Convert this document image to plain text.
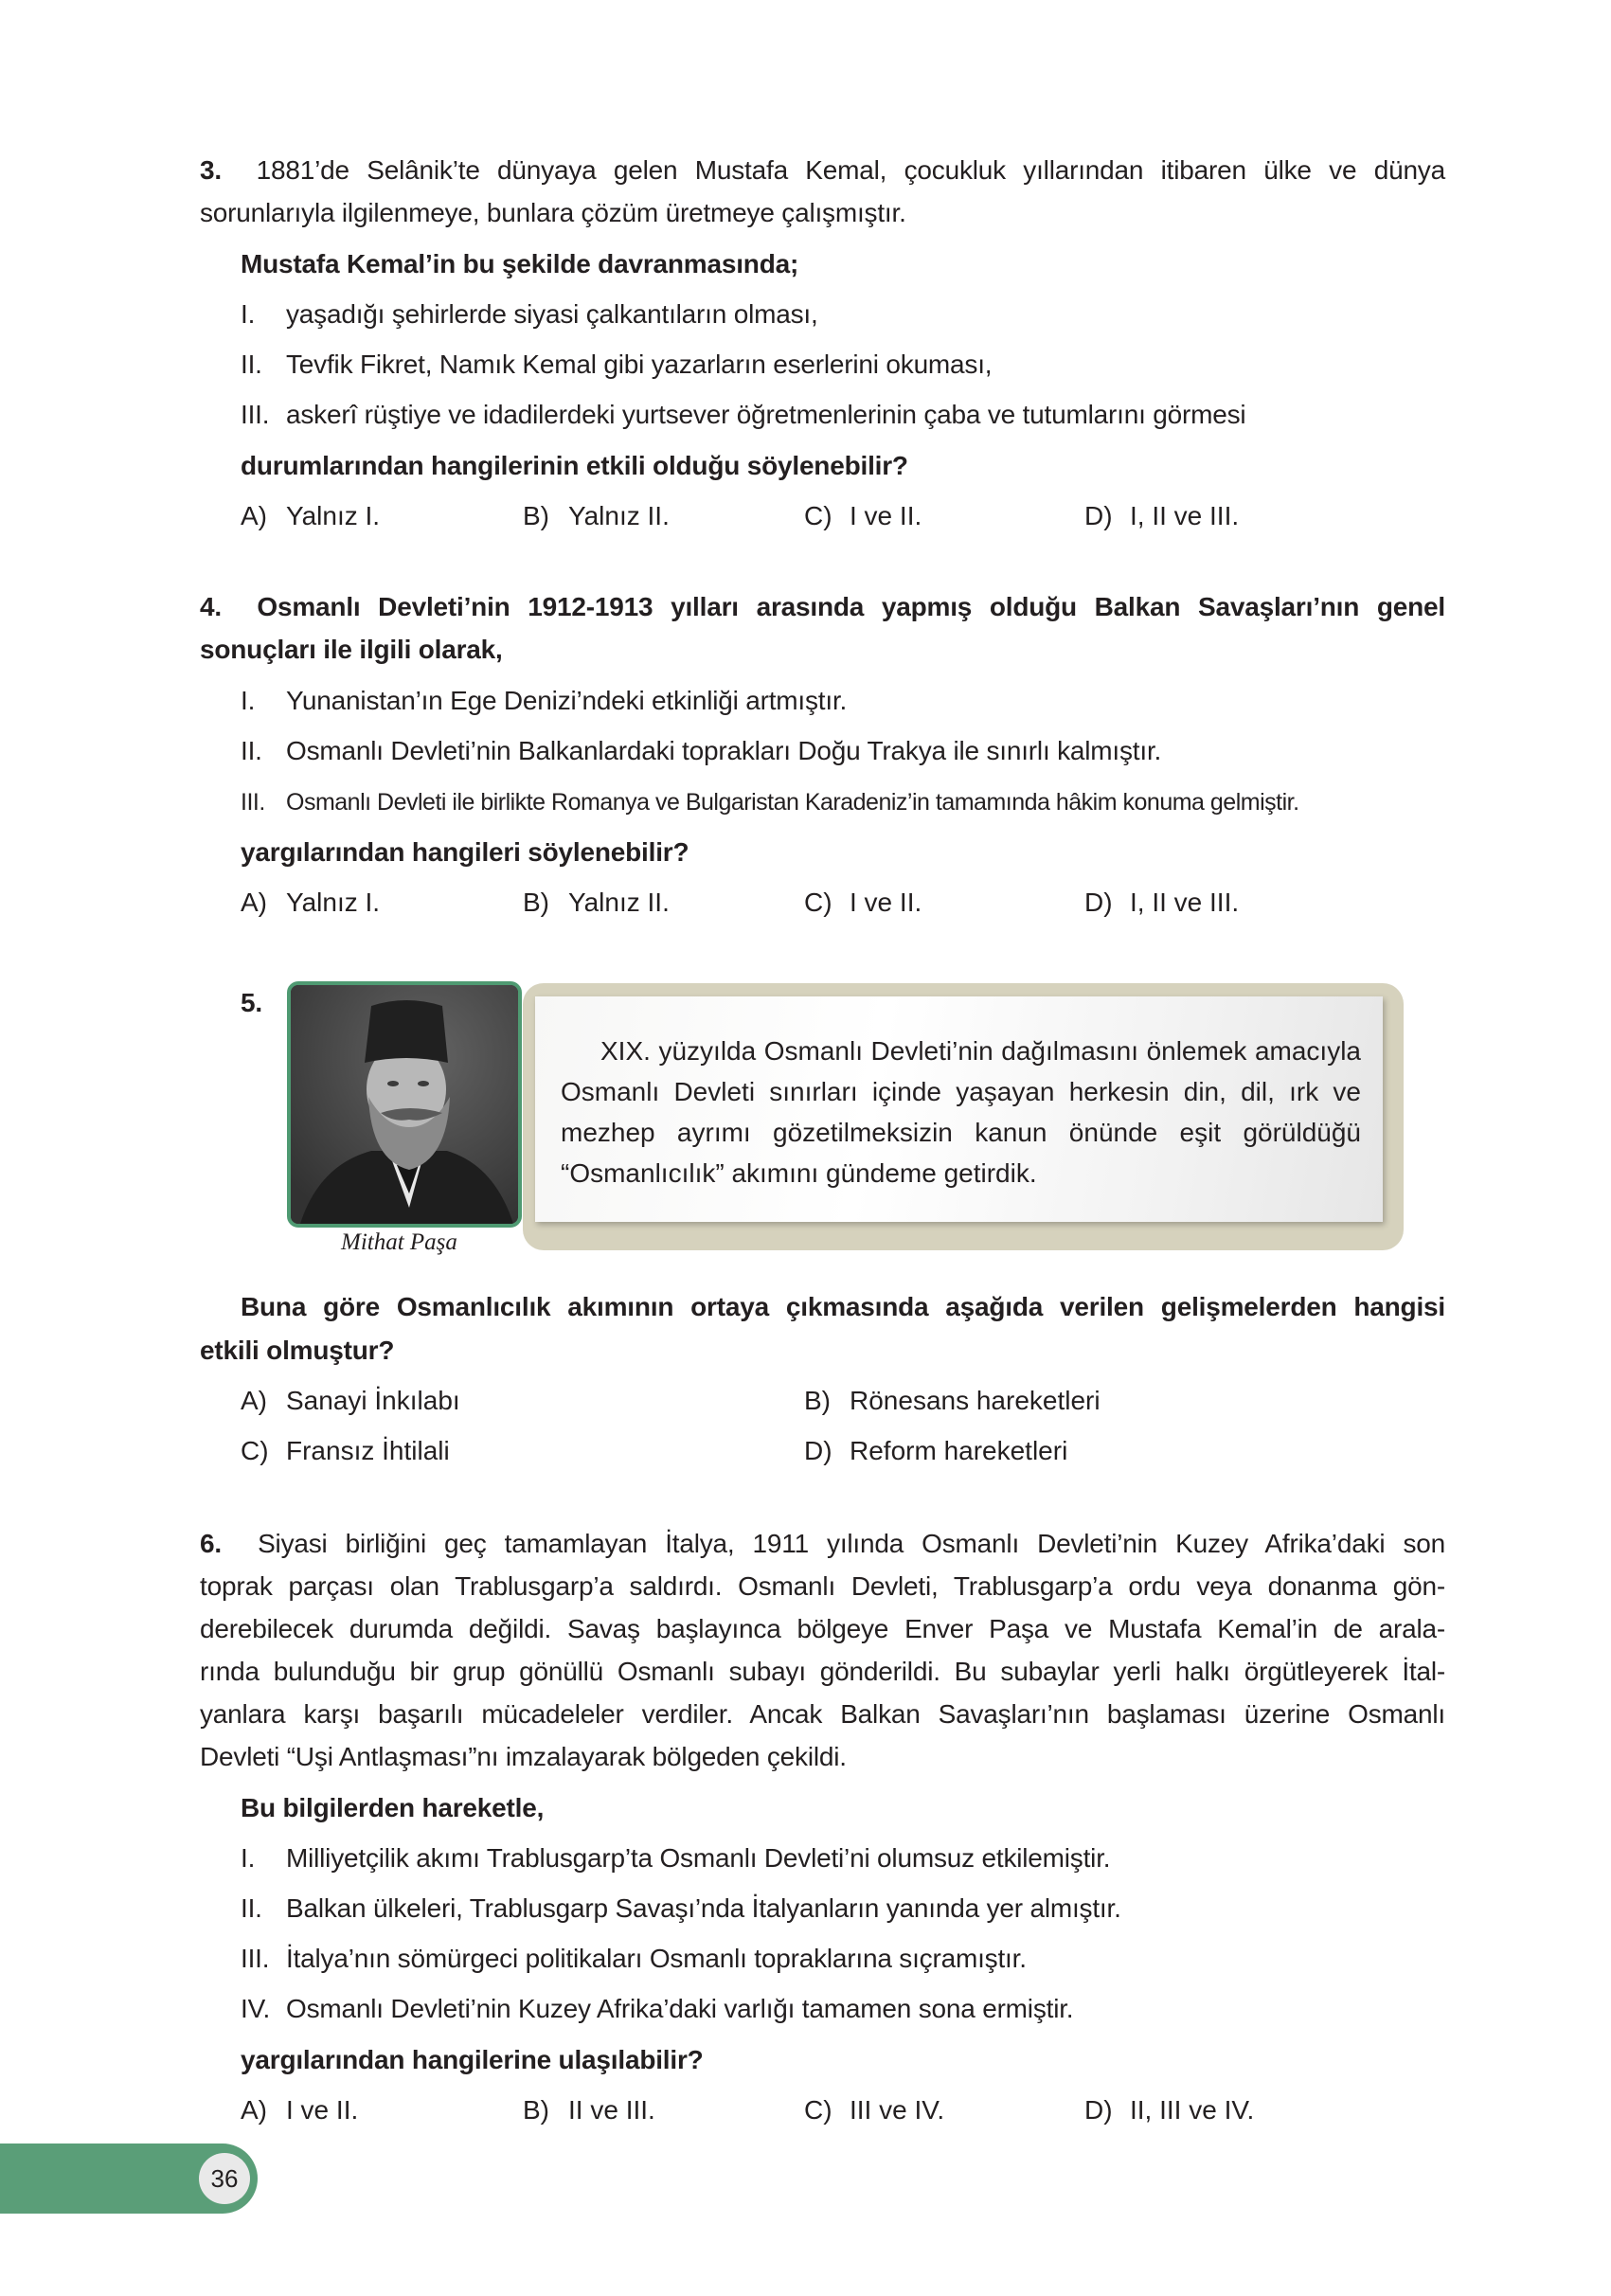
3. 1881’de Selânik’te dünyaya gelen Mustafa Kemal, çocukluk yıllarından itibaren ülke ve dünya
sorunlarıyla ilgilenmeye, bunlara çözüm üretmeye çalışmıştır.
Mustafa Kemal’in bu şekilde davranmasında;
I. yaşadığı şehirlerde siyasi çalkantıların olması,
II. Tevfik Fikret, Namık Kemal gibi yazarların eserlerini okuması,
III. askerî rüştiye ve idadilerdeki yurtsever öğretmenlerinin çaba ve tutumlarını görmesi
durumlarından hangilerinin etkili olduğu söylenebilir?
A) Yalnız I.	B) Yalnız II.	C) I ve II.	D) I, II ve III.
4. Osmanlı Devleti’nin 1912-1913 yılları arasında yapmış olduğu Balkan Savaşları’nın genel
sonuçları ile ilgili olarak,
I. Yunanistan’ın Ege Denizi’ndeki etkinliği artmıştır.
II. Osmanlı Devleti’nin Balkanlardaki toprakları Doğu Trakya ile sınırlı kalmıştır.
III. Osmanlı Devleti ile birlikte Romanya ve Bulgaristan Karadeniz’in tamamında hâkim konuma gelmiştir.
yargılarından hangileri söylenebilir?
A) Yalnız I.	B) Yalnız II.	C) I ve II.	D) I, II ve III.
5.
Mithat Paşa
XIX. yüzyılda Osmanlı Devleti’nin dağılmasını önlemek amacıyla Osmanlı Devleti sınırları içinde yaşayan herkesin din, dil, ırk ve mezhep ayrımı gözetilmeksizin kanun önünde eşit görüldüğü “Osmanlıcılık” akımını gündeme getirdik.
Buna göre Osmanlıcılık akımının ortaya çıkmasında aşağıda verilen gelişmelerden hangisi
etkili olmuştur?
A) Sanayi İnkılabı	B) Rönesans hareketleri
C) Fransız İhtilali	D) Reform hareketleri
6. Siyasi birliğini geç tamamlayan İtalya, 1911 yılında Osmanlı Devleti’nin Kuzey Afrika’daki son
toprak parçası olan Trablusgarp’a saldırdı. Osmanlı Devleti, Trablusgarp’a ordu veya donanma gön-
derebilecek durumda değildi. Savaş başlayınca bölgeye Enver Paşa ve Mustafa Kemal’in de arala-
rında bulunduğu bir grup gönüllü Osmanlı subayı gönderildi. Bu subaylar yerli halkı örgütleyerek İtal-
yanlara karşı başarılı mücadeleler verdiler. Ancak Balkan Savaşları’nın başlaması üzerine Osmanlı
Devleti “Uşi Antlaşması”nı imzalayarak bölgeden çekildi.
Bu bilgilerden hareketle,
I. Milliyetçilik akımı Trablusgarp’ta Osmanlı Devleti’ni olumsuz etkilemiştir.
II. Balkan ülkeleri, Trablusgarp Savaşı’nda İtalyanların yanında yer almıştır.
III. İtalya’nın sömürgeci politikaları Osmanlı topraklarına sıçramıştır.
IV. Osmanlı Devleti’nin Kuzey Afrika’daki varlığı tamamen sona ermiştir.
yargılarından hangilerine ulaşılabilir?
A) I ve II.	B) II ve III.	C) III ve IV.	D) II, III ve IV.
36
